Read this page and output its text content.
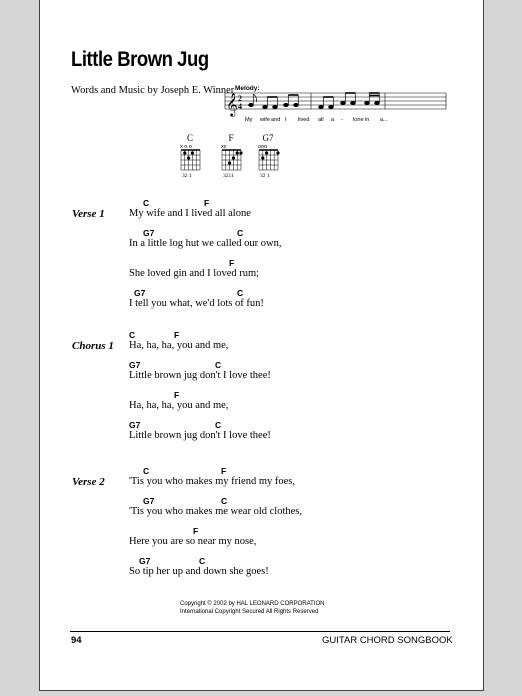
Little Brown Jug
Words and Music by Joseph E. Winner Melody:
𝄞 2
4
My wife and I lived all a - lone in a...
C
x o o
32 1
F
xx
3211
G7
ooo
32 1
Verse 1
C	F
My wife and I lived all alone
G7	C
In a little log hut we called our own,
F
She loved gin and I loved rum;
G7	C
I tell you what, we'd lots of fun!
Chorus 1
C	F
Ha, ha, ha, you and me,
G7	C
Little brown jug don't I love thee!
F
Ha, ha, ha, you and me,
G7	C
Little brown jug don't I love thee!
Verse 2
C	F
'Tis you who makes my friend my foes,
G7	C
'Tis you who makes me wear old clothes,
F
Here you are so near my nose,
G7	C
So tip her up and down she goes!
Copyright © 2002 by HAL LEONARD CORPORATION
International Copyright Secured All Rights Reserved
94	GUITAR CHORD SONGBOOK
